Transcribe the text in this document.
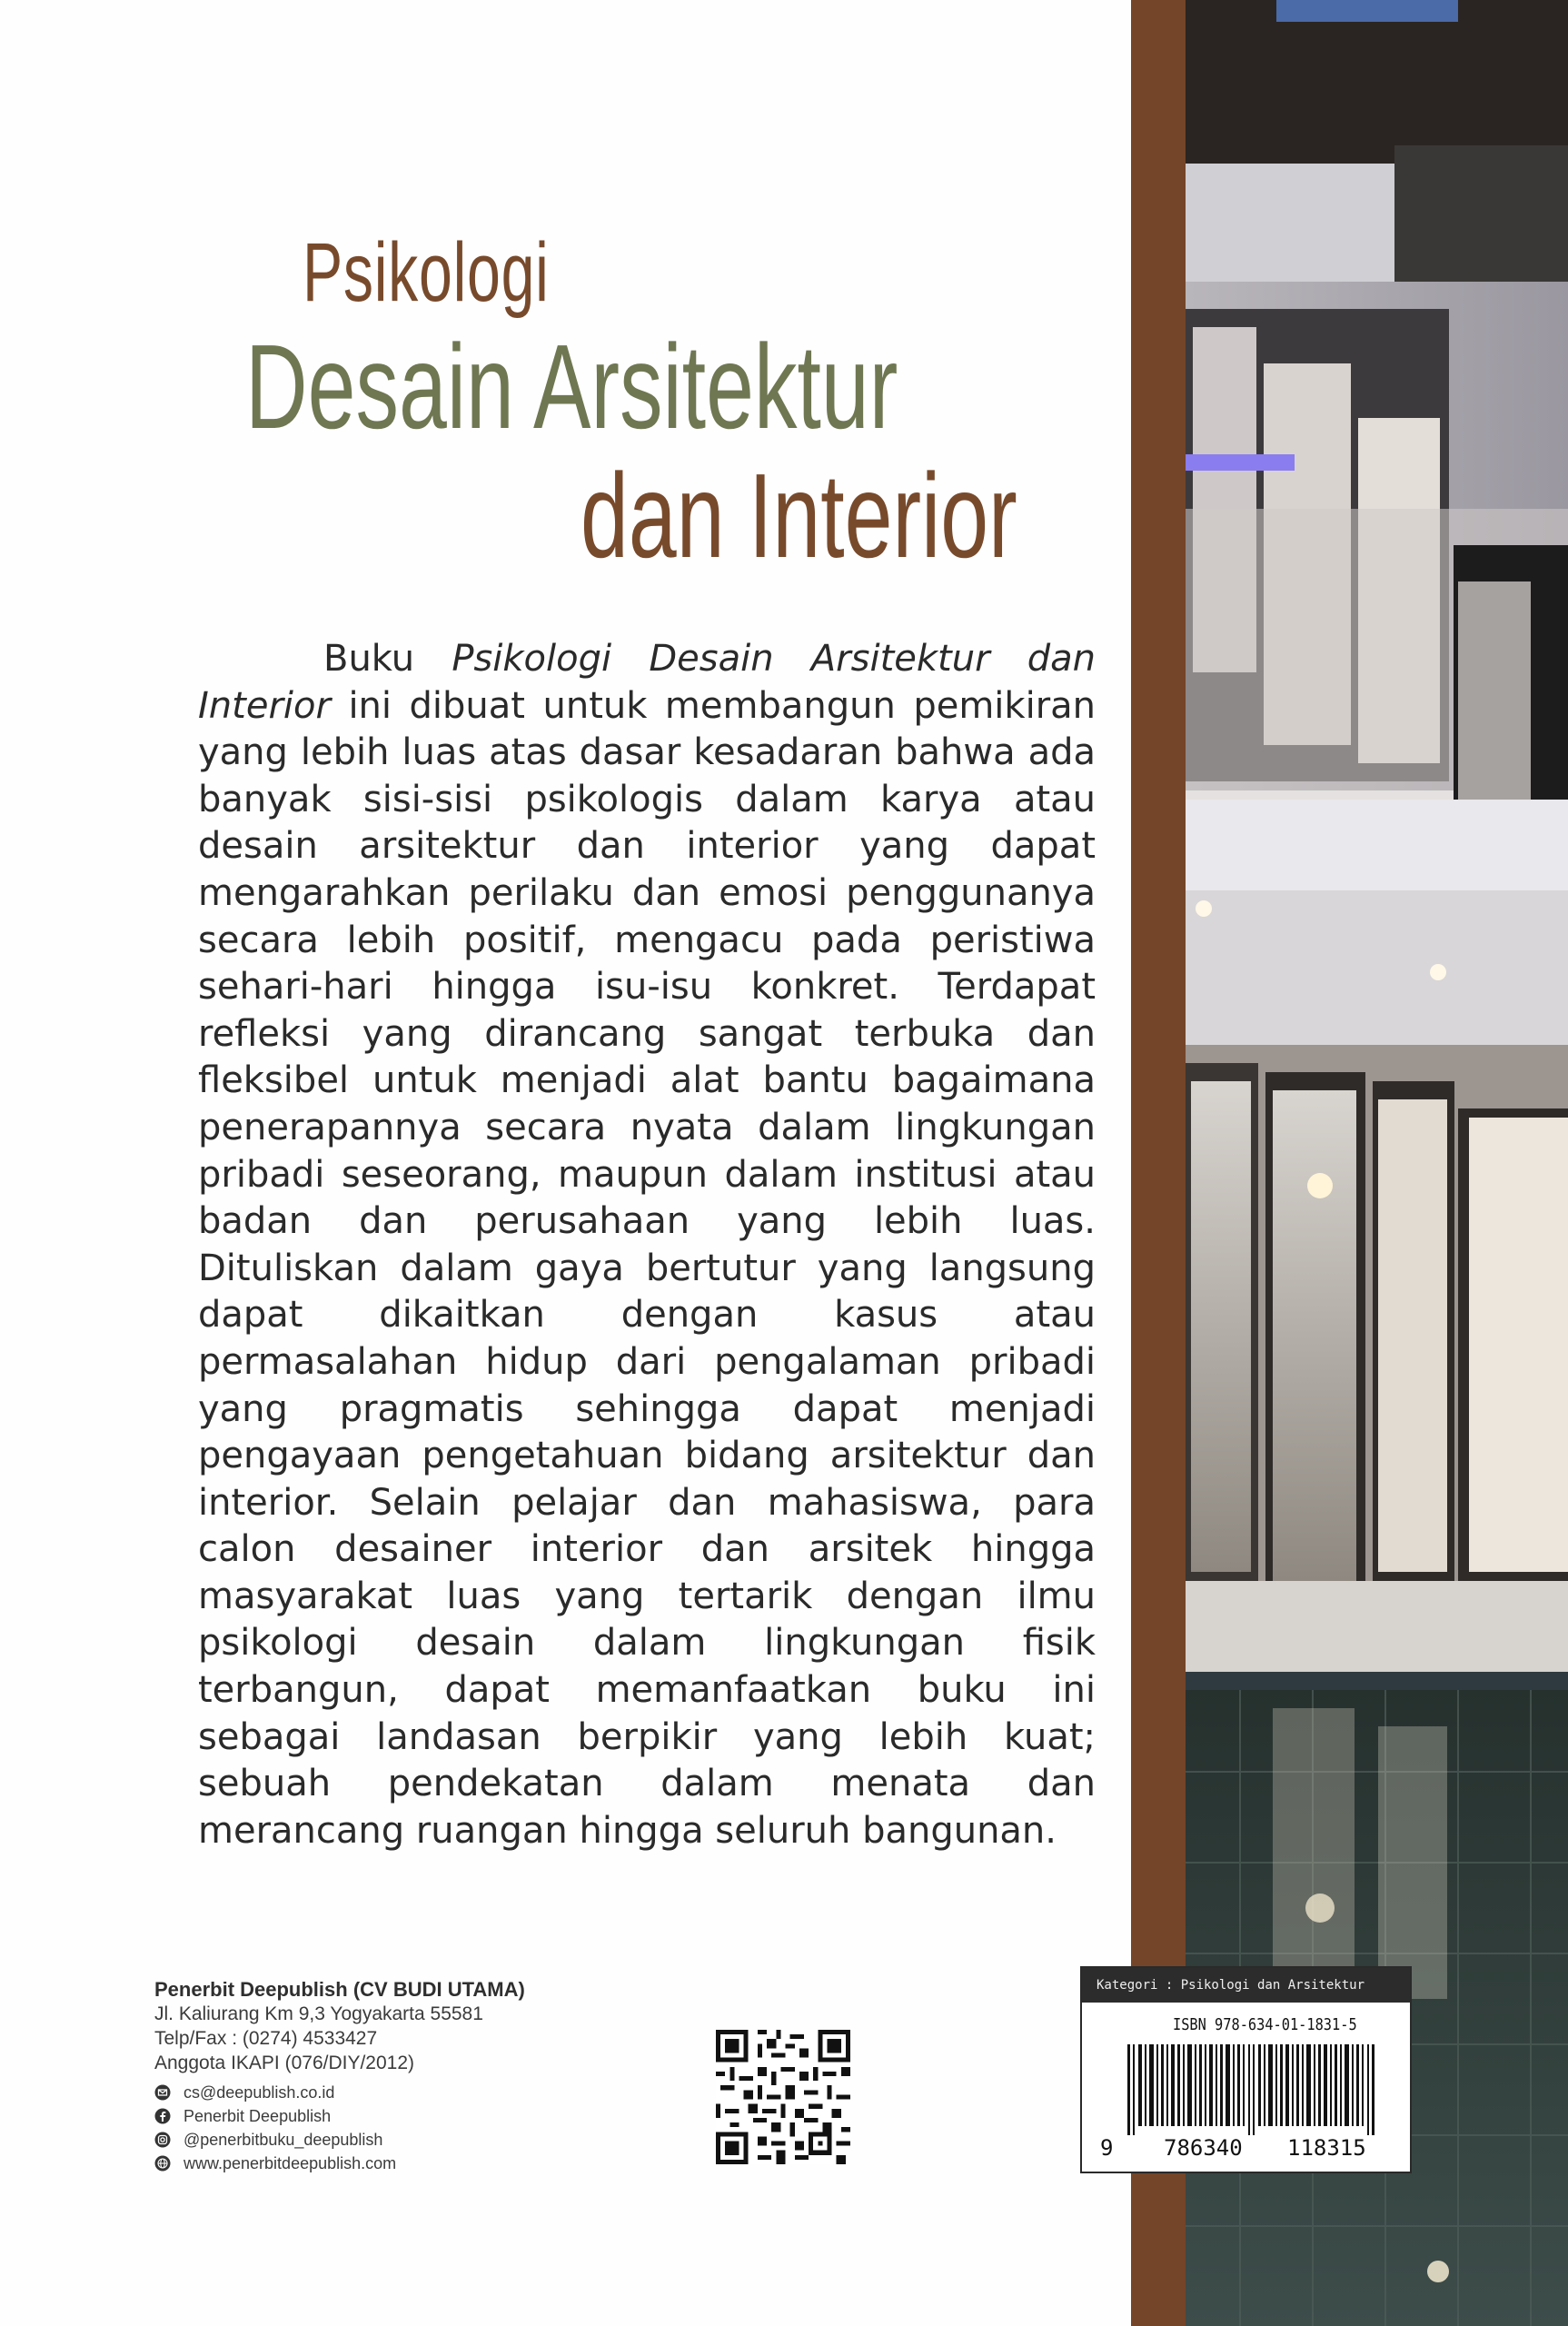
Psikologi
Desain Arsitektur
dan Interior
Buku Psikologi Desain Arsitektur dan Interior ini dibuat untuk membangun pemikiran yang lebih luas atas dasar kesadaran bahwa ada banyak sisi-sisi psikologis dalam karya atau desain arsitektur dan interior yang dapat mengarahkan perilaku dan emosi penggunanya secara lebih positif, mengacu pada peristiwa sehari-hari hingga isu-isu konkret. Terdapat refleksi yang dirancang sangat terbuka dan fleksibel untuk menjadi alat bantu bagaimana penerapannya secara nyata dalam lingkungan pribadi seseorang, maupun dalam institusi atau badan dan perusahaan yang lebih luas. Dituliskan dalam gaya bertutur yang langsung dapat dikaitkan dengan kasus atau permasalahan hidup dari pengalaman pribadi yang pragmatis sehingga dapat menjadi pengayaan pengetahuan bidang arsitektur dan interior. Selain pelajar dan mahasiswa, para calon desainer interior dan arsitek hingga masyarakat luas yang tertarik dengan ilmu psikologi desain dalam lingkungan fisik terbangun, dapat memanfaatkan buku ini sebagai landasan berpikir yang lebih kuat; sebuah pendekatan dalam menata dan merancang ruangan hingga seluruh bangunan.
Penerbit Deepublish (CV BUDI UTAMA)
Jl. Kaliurang Km 9,3 Yogyakarta 55581
Telp/Fax : (0274) 4533427
Anggota IKAPI (076/DIY/2012)
cs@deepublish.co.id
Penerbit Deepublish
@penerbitbuku_deepublish
www.penerbitdeepublish.com
Kategori : Psikologi dan Arsitektur
ISBN 978-634-01-1831-5
9 786340 118315
